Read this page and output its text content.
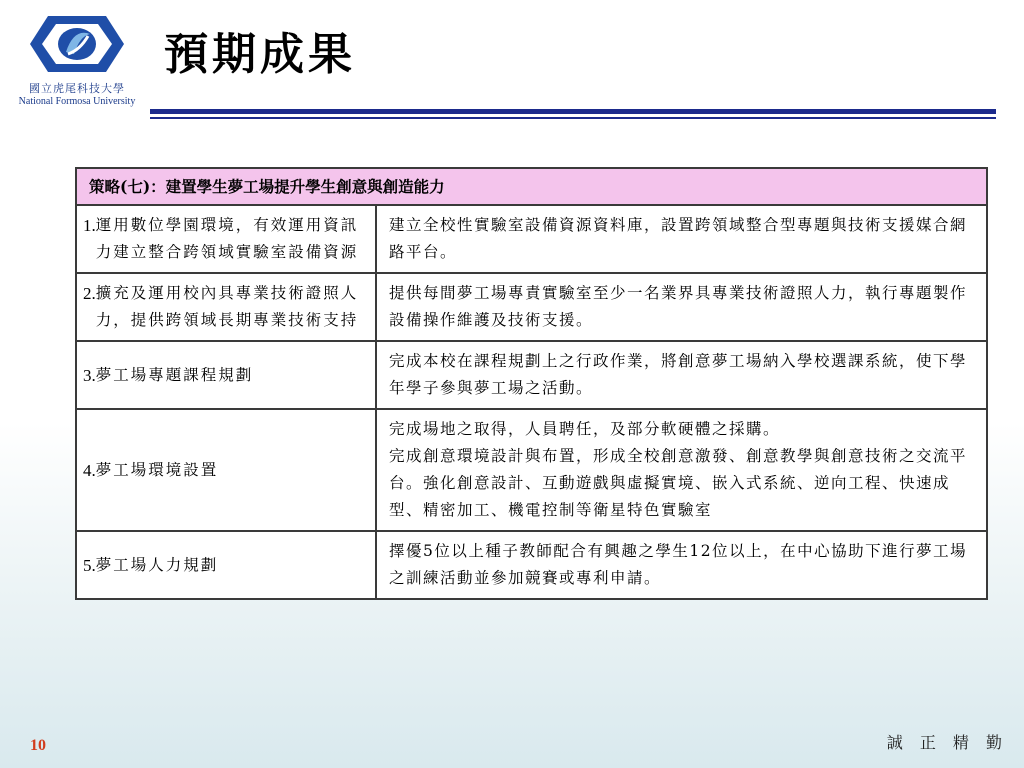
國立虎尾科技大學
National Formosa University
預期成果
策略(七)：建置學生夢工場提升學生創意與創造能力	

1. 運用數位學園環境，有效運用資訊力建立整合跨領域實驗室設備資源	建立全校性實驗室設備資源資料庫，設置跨領域整合型專題與技術支援媒合網路平台。

2. 擴充及運用校內具專業技術證照人力，提供跨領域長期專業技術支持	提供每間夢工場專責實驗室至少一名業界具專業技術證照人力，執行專題製作設備操作維護及技術支援。

3. 夢工場專題課程規劃	完成本校在課程規劃上之行政作業，將創意夢工場納入學校選課系統，使下學年學子參與夢工場之活動。

4. 夢工場環境設置	完成場地之取得，人員聘任，及部分軟硬體之採購。
完成創意環境設計與布置，形成全校創意激發、創意教學與創意技術之交流平台。強化創意設計、互動遊戲與虛擬實境、嵌入式系統、逆向工程、快速成型、精密加工、機電控制等衛星特色實驗室

5. 夢工場人力規劃	擇優5位以上種子教師配合有興趣之學生12位以上，在中心協助下進行夢工場之訓練活動並參加競賽或專利申請。
10	誠 正 精 勤
